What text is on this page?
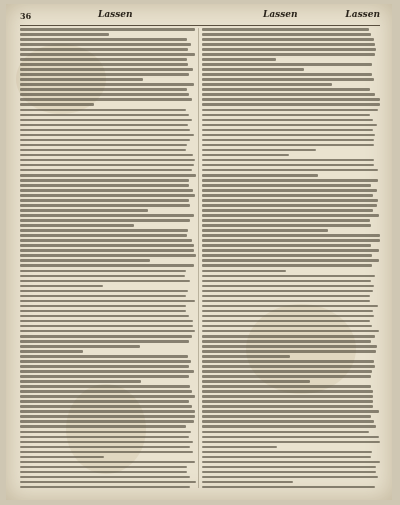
36	Lassen	Lassen	Lassen
